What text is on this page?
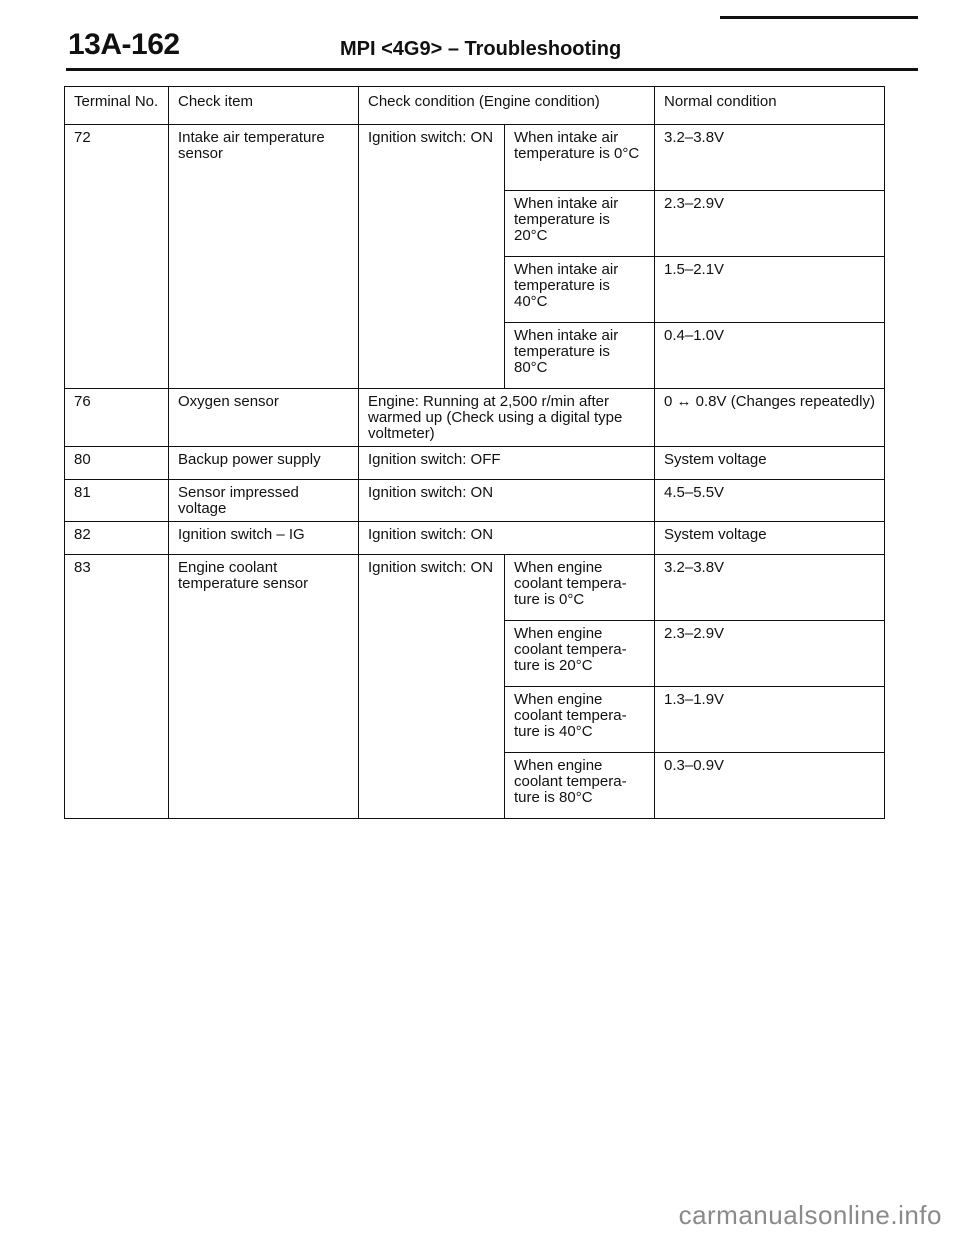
13A-162	MPI <4G9> – Troubleshooting
Terminal No.	Check item	Check condition (Engine condition)		Normal condition
72	Intake air temperature sensor	Ignition switch: ON	When intake air temperature is 0°C	3.2–3.8V
			When intake air temperature is 20°C	2.3–2.9V
			When intake air temperature is 40°C	1.5–2.1V
			When intake air temperature is 80°C	0.4–1.0V
76	Oxygen sensor	Engine: Running at 2,500 r/min after warmed up (Check using a digital type voltmeter)		0 ↔ 0.8V (Changes repeatedly)
80	Backup power supply	Ignition switch: OFF		System voltage
81	Sensor impressed voltage	Ignition switch: ON		4.5–5.5V
82	Ignition switch – IG	Ignition switch: ON		System voltage
83	Engine coolant temperature sensor	Ignition switch: ON	When engine coolant tempera- ture is 0°C	3.2–3.8V
			When engine coolant tempera- ture is 20°C	2.3–2.9V
			When engine coolant tempera- ture is 40°C	1.3–1.9V
			When engine coolant tempera- ture is 80°C	0.3–0.9V
carmanualsonline.info
